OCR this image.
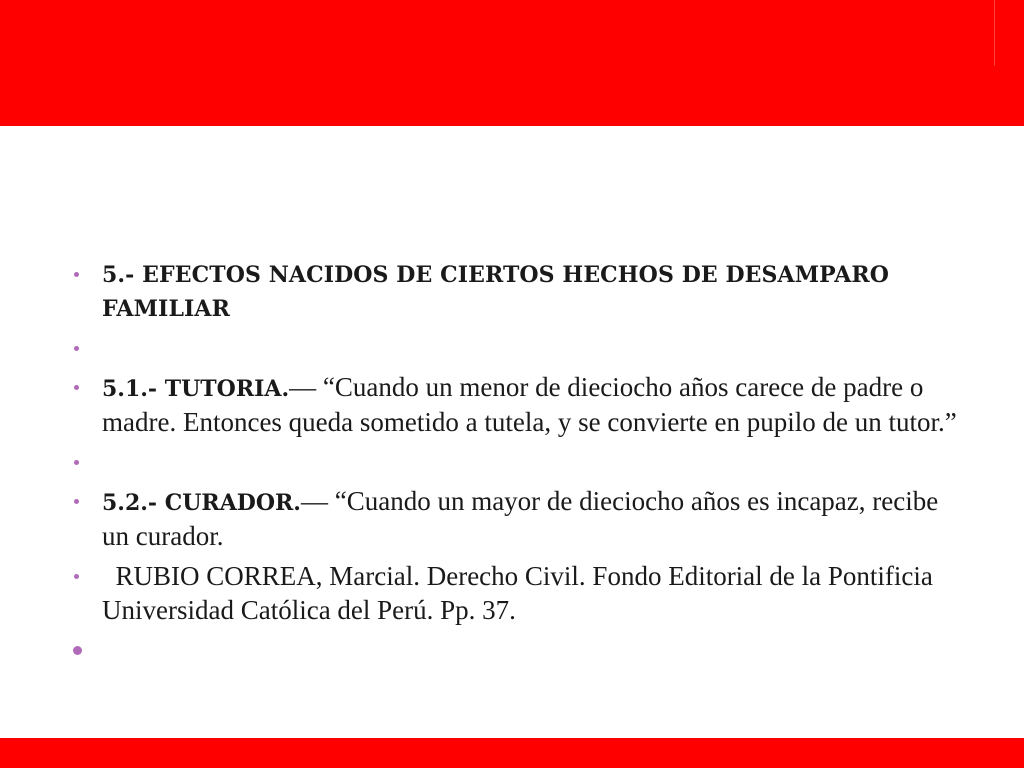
5.- EFECTOS NACIDOS DE CIERTOS HECHOS DE DESAMPARO FAMILIAR
5.1.- TUTORIA.— “Cuando un menor de dieciocho años carece de padre o madre. Entonces queda sometido a tutela, y se convierte en pupilo de un tutor.”
5.2.- CURADOR.— “Cuando un mayor de dieciocho años es incapaz, recibe un curador.
RUBIO CORREA, Marcial. Derecho Civil. Fondo Editorial de la Pontificia Universidad Católica del Perú. Pp. 37.
